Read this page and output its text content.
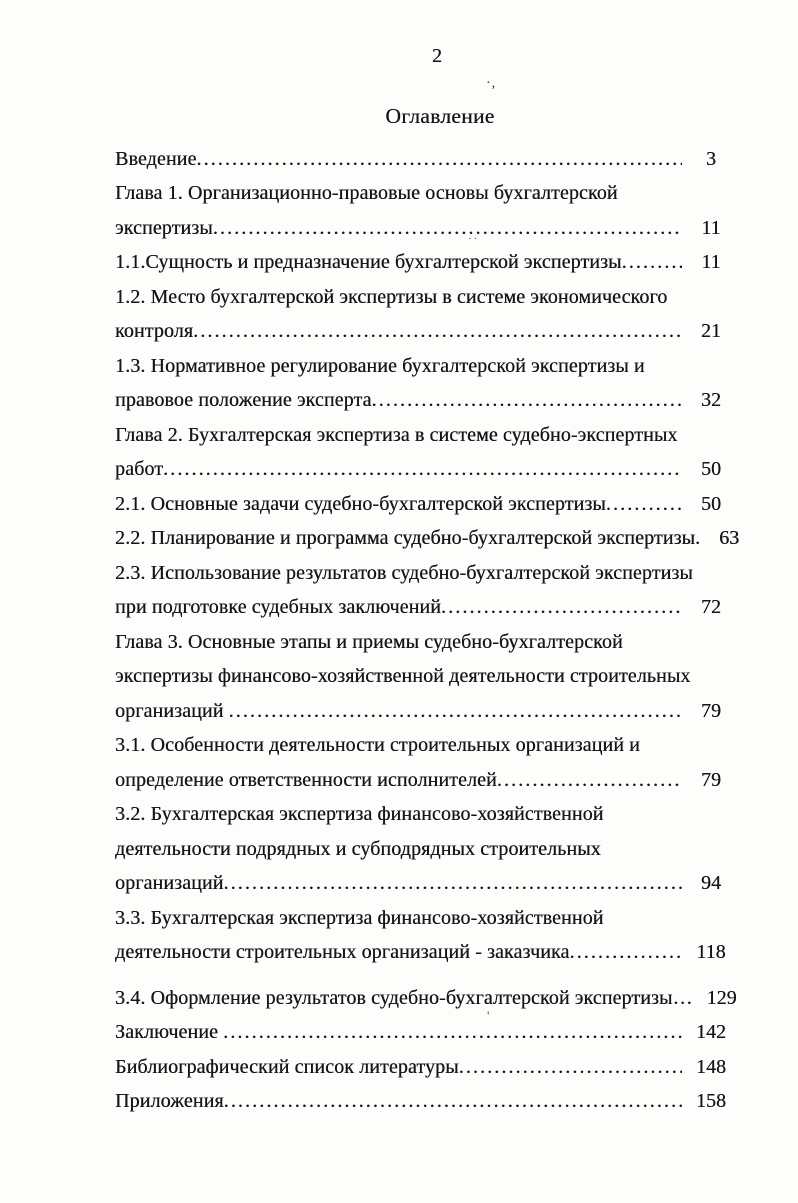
2
·,
··
'
Оглавление
Введение .....	3
Глава 1. Организационно-правовые основы бухгалтерской
экспертизы .....	11
1.1.Сущность и предназначение бухгалтерской экспертизы .....	11
1.2. Место бухгалтерской экспертизы в системе экономического
контроля .....	21
1.3. Нормативное регулирование бухгалтерской экспертизы и
правовое положение эксперта .....	32
Глава 2. Бухгалтерская экспертиза в системе судебно-экспертных
работ .....	50
2.1. Основные задачи судебно-бухгалтерской экспертизы .....	50
2.2. Планирование и программа судебно-бухгалтерской экспертизы. 63
2.3. Использование результатов судебно-бухгалтерской экспертизы
при подготовке судебных заключений .....	72
Глава 3. Основные этапы и приемы судебно-бухгалтерской
экспертизы финансово-хозяйственной деятельности строительных
организаций .....	79
3.1. Особенности деятельности строительных организаций и
определение ответственности исполнителей .....	79
3.2. Бухгалтерская экспертиза финансово-хозяйственной
деятельности подрядных и субподрядных строительных
организаций .....	94
3.3. Бухгалтерская экспертиза финансово-хозяйственной
деятельности строительных организаций - заказчика .....	118
3.4. Оформление результатов судебно-бухгалтерской экспертизы… 129
Заключение .....	142
Библиографический список литературы .....	148
Приложения .....	158
